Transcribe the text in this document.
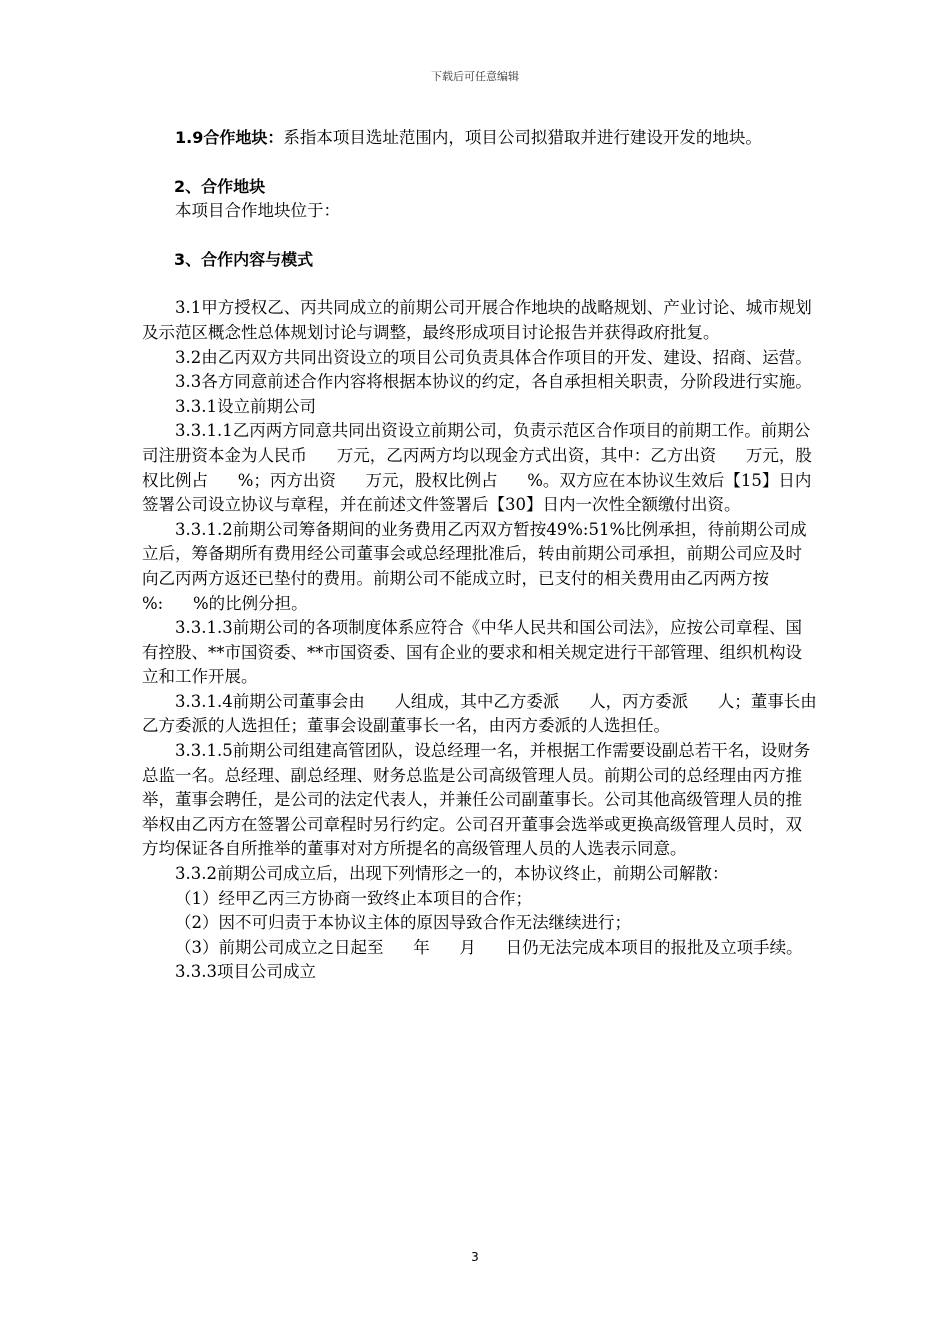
下载后可任意编辑

1.9合作地块：系指本项目选址范围内，项目公司拟猎取并进行建设开发的地块。

2、合作地块

本项目合作地块位于：

3、合作内容与模式

3.1甲方授权乙、丙共同成立的前期公司开展合作地块的战略规划、产业讨论、城市规划及示范区概念性总体规划讨论与调整，最终形成项目讨论报告并获得政府批复。

3.2由乙丙双方共同出资设立的项目公司负责具体合作项目的开发、建设、招商、运营。

3.3各方同意前述合作内容将根据本协议的约定，各自承担相关职责，分阶段进行实施。

3.3.1设立前期公司

3.3.1.1乙丙两方同意共同出资设立前期公司，负责示范区合作项目的前期工作。前期公司注册资本金为人民币 万元，乙丙两方均以现金方式出资，其中：乙方出资 万元，股权比例占 %；丙方出资 万元，股权比例占 %。双方应在本协议生效后【15】日内签署公司设立协议与章程，并在前述文件签署后【30】日内一次性全额缴付出资。

3.3.1.2前期公司筹备期间的业务费用乙丙双方暂按49%:51%比例承担，待前期公司成立后，筹备期所有费用经公司董事会或总经理批准后，转由前期公司承担，前期公司应及时向乙丙两方返还已垫付的费用。前期公司不能成立时，已支付的相关费用由乙丙两方按%: %的比例分担。

3.3.1.3前期公司的各项制度体系应符合《中华人民共和国公司法》，应按公司章程、国有控股、**市国资委、**市国资委、国有企业的要求和相关规定进行干部管理、组织机构设立和工作开展。

3.3.1.4前期公司董事会由 人组成，其中乙方委派 人，丙方委派 人；董事长由乙方委派的人选担任；董事会设副董事长一名，由丙方委派的人选担任。

3.3.1.5前期公司组建高管团队，设总经理一名，并根据工作需要设副总若干名，设财务总监一名。总经理、副总经理、财务总监是公司高级管理人员。前期公司的总经理由丙方推举，董事会聘任，是公司的法定代表人，并兼任公司副董事长。公司其他高级管理人员的推举权由乙丙方在签署公司章程时另行约定。公司召开董事会选举或更换高级管理人员时，双方均保证各自所推举的董事对对方所提名的高级管理人员的人选表示同意。

3.3.2前期公司成立后，出现下列情形之一的，本协议终止，前期公司解散：

（1）经甲乙丙三方协商一致终止本项目的合作；

（2）因不可归责于本协议主体的原因导致合作无法继续进行；

（3）前期公司成立之日起至 年 月 日仍无法完成本项目的报批及立项手续。

3.3.3项目公司成立

3
